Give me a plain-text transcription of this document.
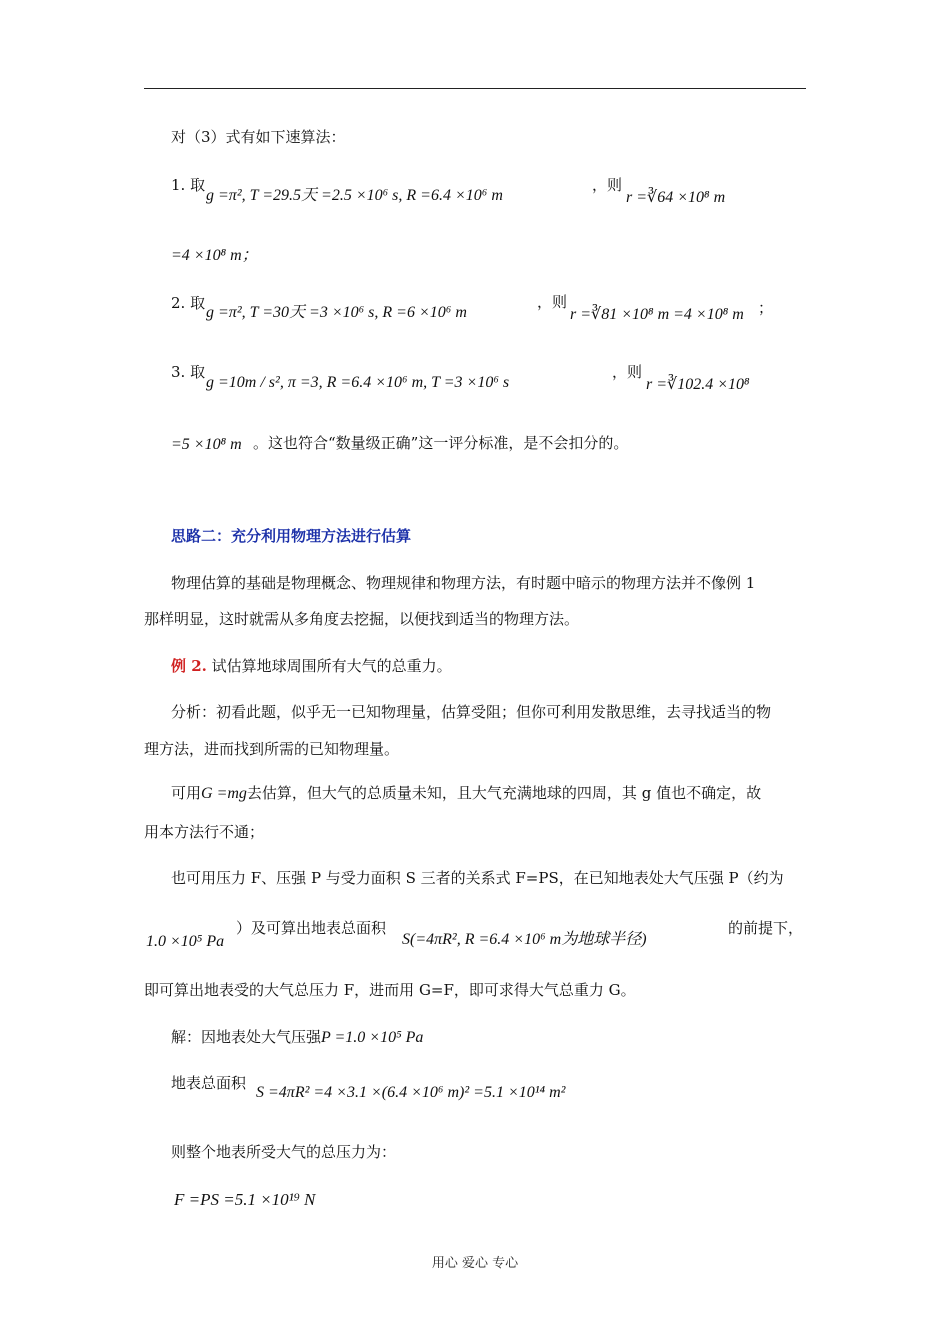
对（3）式有如下速算法：
1. 取
g =π², T =29.5天 =2.5 ×10⁶ s, R =6.4 ×10⁶ m
，则
r =∛64 ×10⁸ m
=4 ×10⁸ m；
2. 取
g =π², T =30天 =3 ×10⁶ s, R =6 ×10⁶ m
，则
r =∛81 ×10⁸ m =4 ×10⁸ m ；
3. 取
g =10m / s², π =3, R =6.4 ×10⁶ m, T =3 ×10⁶ s
，则
r =∛102.4 ×10⁸
=5 ×10⁸ m 。这也符合“数量级正确”这一评分标准，是不会扣分的。
思路二：充分利用物理方法进行估算
物理估算的基础是物理概念、物理规律和物理方法，有时题中暗示的物理方法并不像例 1
那样明显，这时就需从多角度去挖掘，以便找到适当的物理方法。
例 2. 试估算地球周围所有大气的总重力。
分析：初看此题，似乎无一已知物理量，估算受阻；但你可利用发散思维，去寻找适当的物
理方法，进而找到所需的已知物理量。
可用G =mg去估算，但大气的总质量未知，且大气充满地球的四周，其 g 值也不确定，故
用本方法行不通；
也可用压力 F、压强 P 与受力面积 S 三者的关系式 F=PS，在已知地表处大气压强 P（约为
1.0 ×10⁵ Pa
）及可算出地表总面积
S(=4πR², R =6.4 ×10⁶ m为地球半径)
的前提下，
即可算出地表受的大气总压力 F，进而用 G=F，即可求得大气总重力 G。
解：因地表处大气压强P =1.0 ×10⁵ Pa
地表总面积
S =4πR² =4 ×3.1 ×(6.4 ×10⁶ m)² =5.1 ×10¹⁴ m²
则整个地表所受大气的总压力为：
F =PS =5.1 ×10¹⁹ N
用心 爱心 专心
